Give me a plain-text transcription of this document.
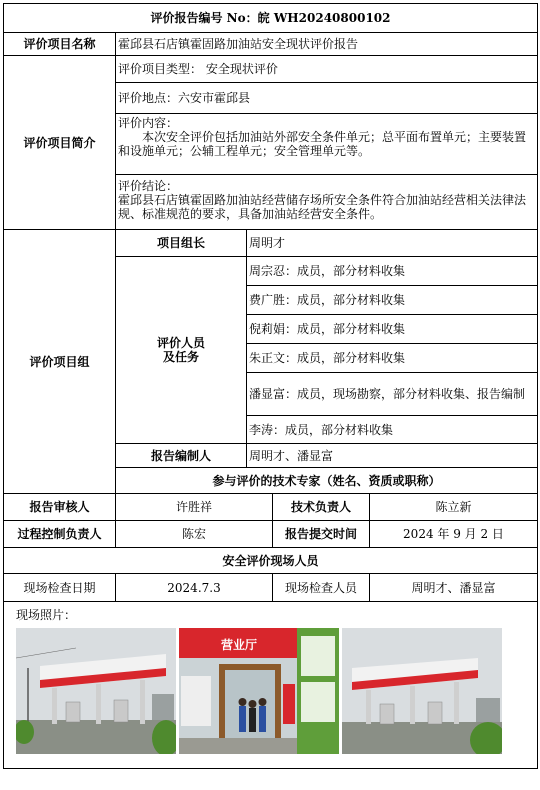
评价报告编号 No：皖 WH20240800102				
评价项目名称	霍邱县石店镇霍固路加油站安全现状评价报告			
评价项目简介	评价项目类型： 安全现状评价			
	评价地点：六安市霍邱县			

	评价内容：
本次安全评价包括加油站外部安全条件单元；总平面布置单元；主要装置和设施单元；公辅工程单元；安全管理单元等。			

	评价结论：
霍邱县石店镇霍固路加油站经营储存场所安全条件符合加油站经营相关法律法规、标准规范的要求，具备加油站经营安全条件。			

评价项目组	项目组长	周明才		

	评价人员
及任务	周宗忍：成员，部分材料收集		
		费广胜：成员，部分材料收集		
		倪莉娟：成员，部分材料收集		
		朱正文：成员，部分材料收集		
		潘显富：成员，现场勘察，部分材料收集、报告编制		
		李涛：成员，部分材料收集		
	报告编制人	周明才、潘显富		
	参与评价的技术专家（姓名、资质或职称）			
报告审核人	许胜祥		技术负责人	陈立新
过程控制负责人	陈宏		报告提交时间	2024 年 9 月 2 日
安全评价现场人员				
现场检查日期	2024.7.3		现场检查人员	周明才、潘显富

现场照片：
营业厅				
